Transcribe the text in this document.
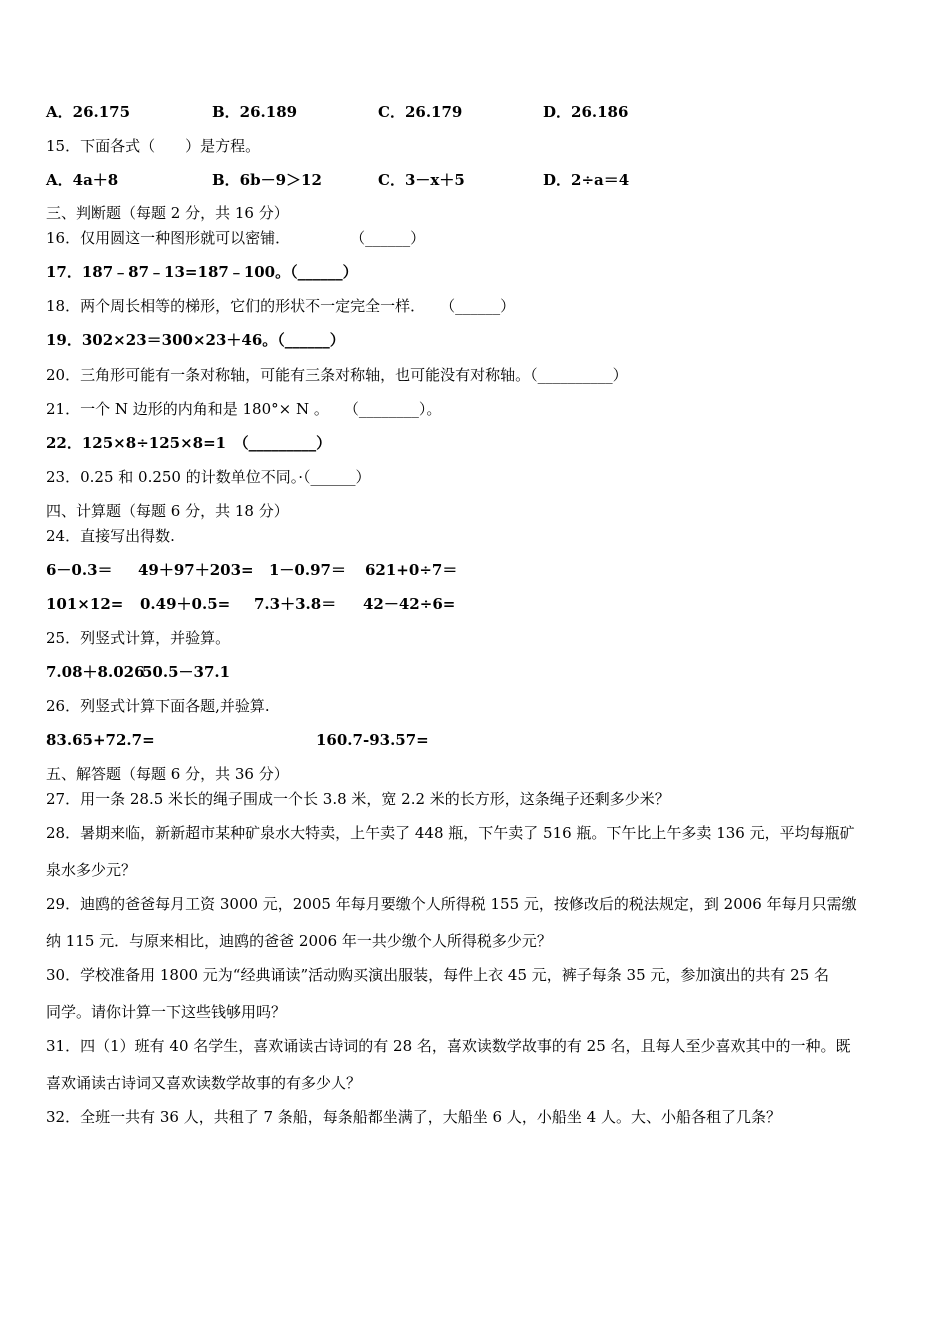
A．26.175	B．26.189	C．26.179	D．26.186
15．下面各式（　　）是方程。
A．4a＋8	B．6b－9＞12	C．3－x＋5	D．2÷a＝4
三、判断题（每题 2 分，共 16 分）
16．仅用圆这一种图形就可以密铺．　　　　　（______）
17．187﹣87﹣13=187﹣100。（______）
18．两个周长相等的梯形，它们的形状不一定完全一样．　　（______）
19．302×23＝300×23＋46。（______）
20．三角形可能有一条对称轴，可能有三条对称轴，也可能没有对称轴。（__________）
21．一个 N 边形的内角和是 180°× N 。　　（________）。
22．125×8÷125×8=1　（_________）
23．0.25 和 0.250 的计数单位不同。·（______）
四、计算题（每题 6 分，共 18 分）
24．直接写出得数.
6－0.3＝ 49＋97＋203= 1－0.97＝ 621+0÷7＝
101×12= 0.49＋0.5= 7.3＋3.8＝ 42－42÷6=
25．列竖式计算，并验算。
7.08＋8.026
50.5－37.1
26．列竖式计算下面各题,并验算.
83.65+72.7=	160.7-93.57=
五、解答题（每题 6 分，共 36 分）
27．用一条 28.5 米长的绳子围成一个长 3.8 米，宽 2.2 米的长方形，这条绳子还剩多少米？
28．暑期来临，新新超市某种矿泉水大特卖，上午卖了 448 瓶，下午卖了 516 瓶。下午比上午多卖 136 元，平均每瓶矿
泉水多少元？
29．迪鸥的爸爸每月工资 3000 元，2005 年每月要缴个人所得税 155 元，按修改后的税法规定，到 2006 年每月只需缴
纳 115 元．与原来相比，迪鸥的爸爸 2006 年一共少缴个人所得税多少元？
30．学校准备用 1800 元为“经典诵读”活动购买演出服装，每件上衣 45 元，裤子每条 35 元，参加演出的共有 25 名
同学。请你计算一下这些钱够用吗？
31．四（1）班有 40 名学生，喜欢诵读古诗词的有 28 名，喜欢读数学故事的有 25 名，且每人至少喜欢其中的一种。既
喜欢诵读古诗词又喜欢读数学故事的有多少人？
32．全班一共有 36 人，共租了 7 条船，每条船都坐满了，大船坐 6 人，小船坐 4 人。大、小船各租了几条？
